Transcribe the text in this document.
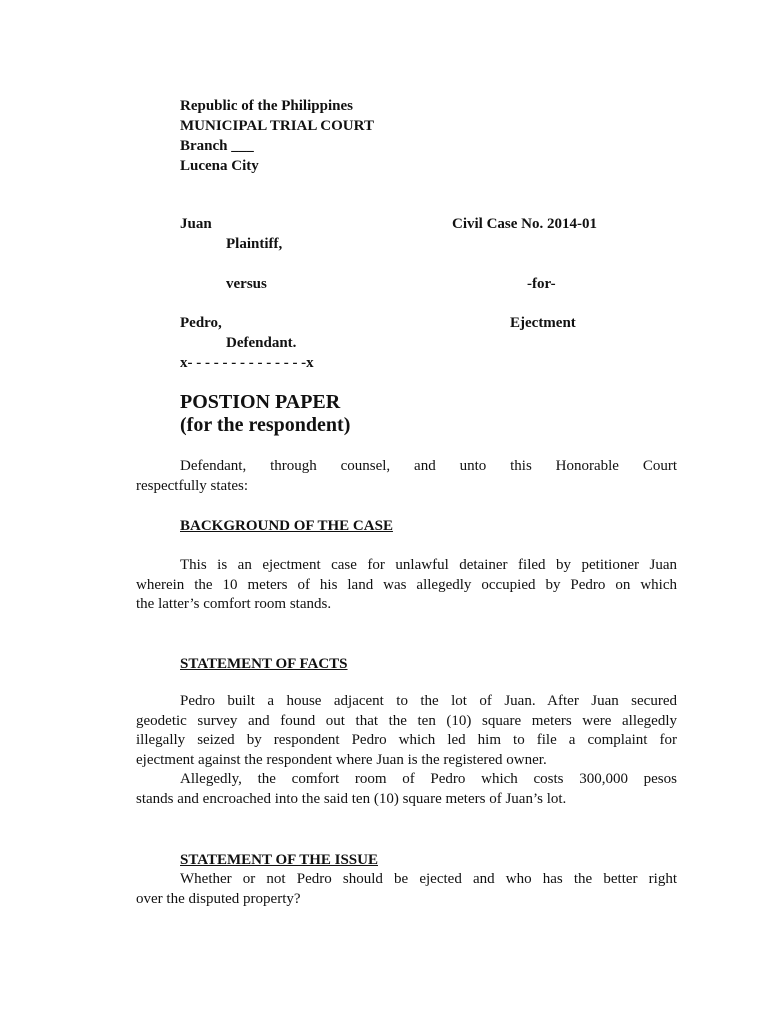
Republic of the Philippines
MUNICIPAL TRIAL COURT
Branch ___
Lucena City
Juan
Plaintiff,
versus
Pedro,
Defendant.
x- - - - - - - - - - - - - -x
Civil Case No. 2014-01
-for-
Ejectment
POSTION PAPER
(for the respondent)
Defendant, through counsel, and unto this Honorable Court
respectfully states:
BACKGROUND OF THE CASE
This is an ejectment case for unlawful detainer filed by petitioner Juan
wherein the 10 meters of his land was allegedly occupied by Pedro on which
the latter’s comfort room stands.
STATEMENT OF FACTS
Pedro built a house adjacent to the lot of Juan. After Juan secured
geodetic survey and found out that the ten (10) square meters were allegedly
illegally seized by respondent Pedro which led him to file a complaint for
ejectment against the respondent where Juan is the registered owner.
Allegedly, the comfort room of Pedro which costs 300,000 pesos
stands and encroached into the said ten (10) square meters of Juan’s lot.
STATEMENT OF THE ISSUE
Whether or not Pedro should be ejected and who has the better right
over the disputed property?
